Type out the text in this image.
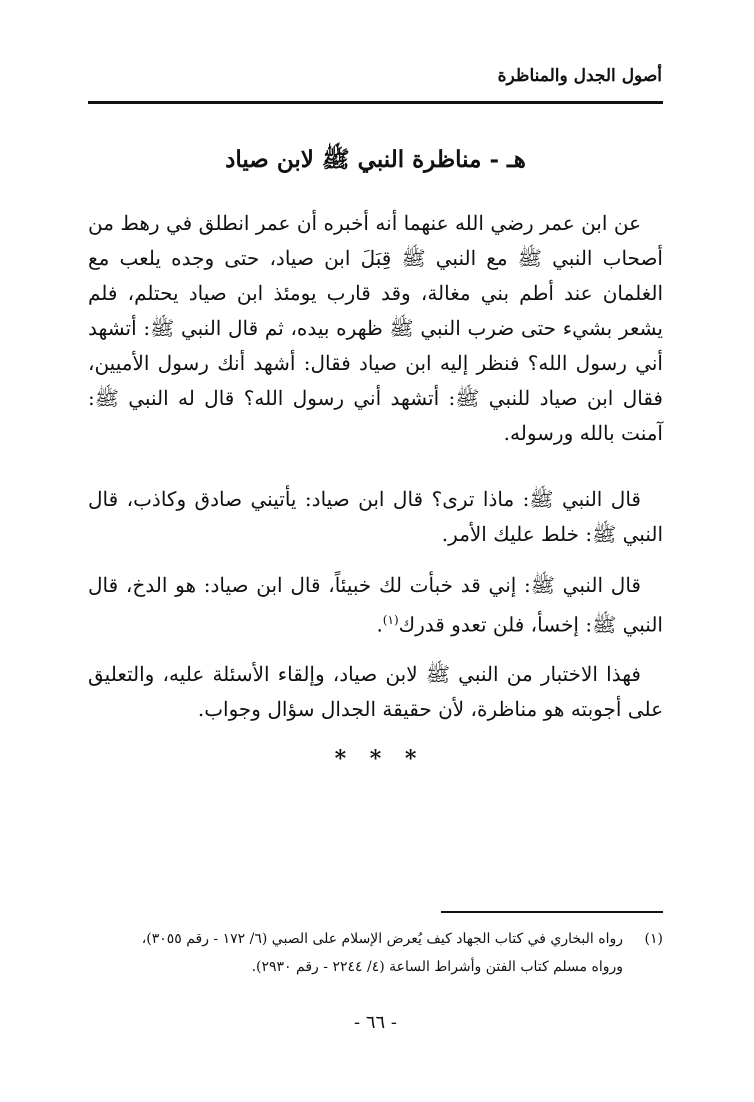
أصول الجدل والمناظرة
هـ - مناظرة النبي ﷺ لابن صياد

عن ابن عمر رضي الله عنهما أنه أخبره أن عمر انطلق في رهط من أصحاب النبي ﷺ مع النبي ﷺ قِبَلَ ابن صياد، حتى وجده يلعب مع الغلمان عند أطم بني مغالة، وقد قارب يومئذ ابن صياد يحتلم، فلم يشعر بشيء حتى ضرب النبي ﷺ ظهره بيده، ثم قال النبي ﷺ: أتشهد أني رسول الله؟ فنظر إليه ابن صياد فقال: أشهد أنك رسول الأميين، فقال ابن صياد للنبي ﷺ: أتشهد أني رسول الله؟ قال له النبي ﷺ: آمنت بالله ورسوله.

قال النبي ﷺ: ماذا ترى؟ قال ابن صياد: يأتيني صادق وكاذب، قال النبي ﷺ: خلط عليك الأمر.

قال النبي ﷺ: إني قد خبأت لك خبيئاً، قال ابن صياد: هو الدخ، قال النبي ﷺ: إخسأ، فلن تعدو قدرك$^{(١)}$.

فهذا الاختبار من النبي ﷺ لابن صياد، وإلقاء الأسئلة عليه، والتعليق على أجوبته هو مناظرة، لأن حقيقة الجدال سؤال وجواب.

* * *
(١)
رواه البخاري في كتاب الجهاد كيف يُعرض الإسلام على الصبي (٦/ ١٧٢ - رقم ٣٠٥٥)،
ورواه مسلم كتاب الفتن وأشراط الساعة (٤/ ٢٢٤٤ - رقم ٢٩٣٠).
- ٦٦ -
